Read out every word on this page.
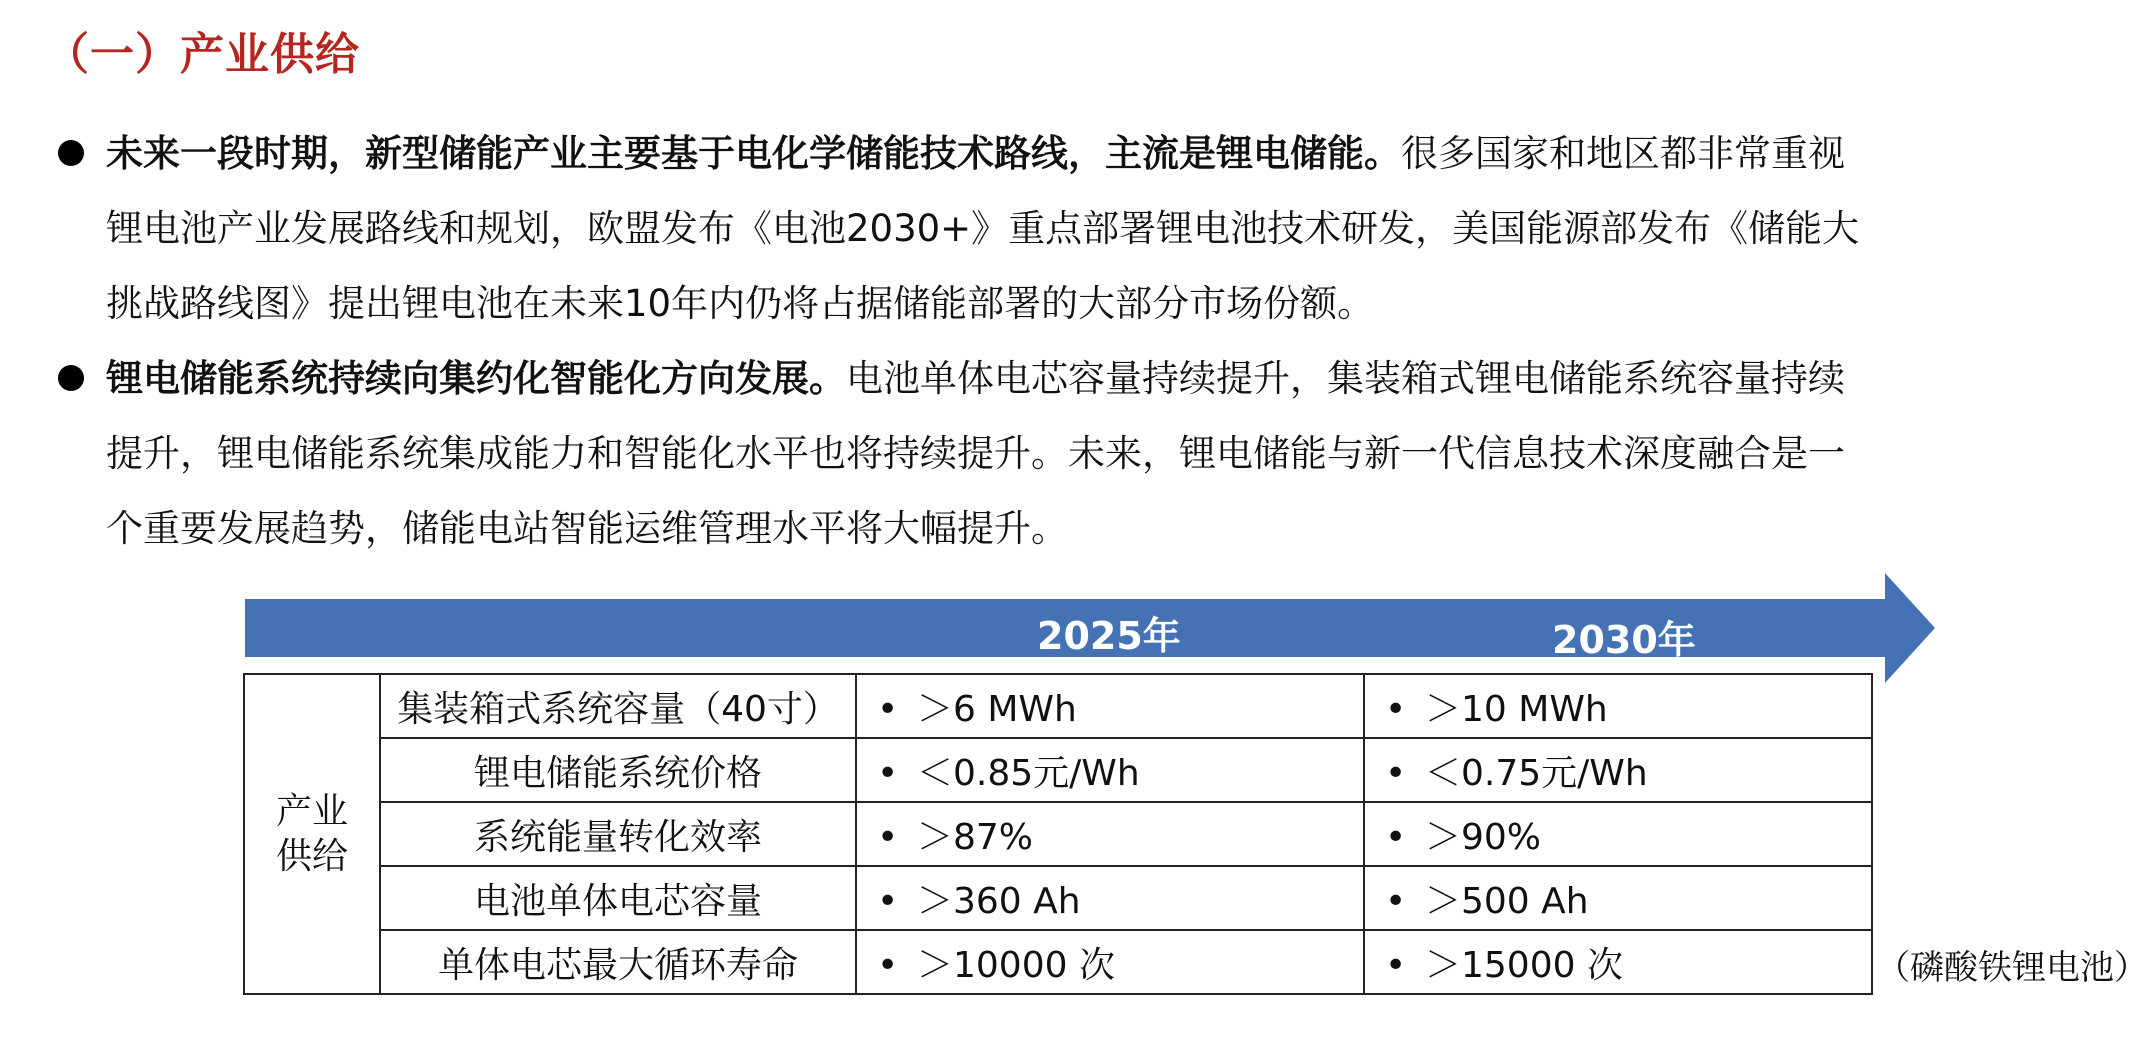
（一）产业供给
未来一段时期，新型储能产业主要基于电化学储能技术路线，主流是锂电储能。很多国家和地区都非常重视
锂电池产业发展路线和规划，欧盟发布《电池2030+》重点部署锂电池技术研发，美国能源部发布《储能大
挑战路线图》提出锂电池在未来10年内仍将占据储能部署的大部分市场份额。
锂电储能系统持续向集约化智能化方向发展。电池单体电芯容量持续提升，集装箱式锂电储能系统容量持续
提升，锂电储能系统集成能力和智能化水平也将持续提升。未来，锂电储能与新一代信息技术深度融合是一
个重要发展趋势，储能电站智能运维管理水平将大幅提升。
2025年	2030年
产业
供给	集装箱式系统容量（40寸）	• ＞6 MWh	• ＞10 MWh
	锂电储能系统价格	• ＜0.85元/Wh	• ＜0.75元/Wh
	系统能量转化效率	• ＞87%	• ＞90%
	电池单体电芯容量	• ＞360 Ah	• ＞500 Ah
	单体电芯最大循环寿命	• ＞10000 次	• ＞15000 次	（磷酸铁锂电池）
